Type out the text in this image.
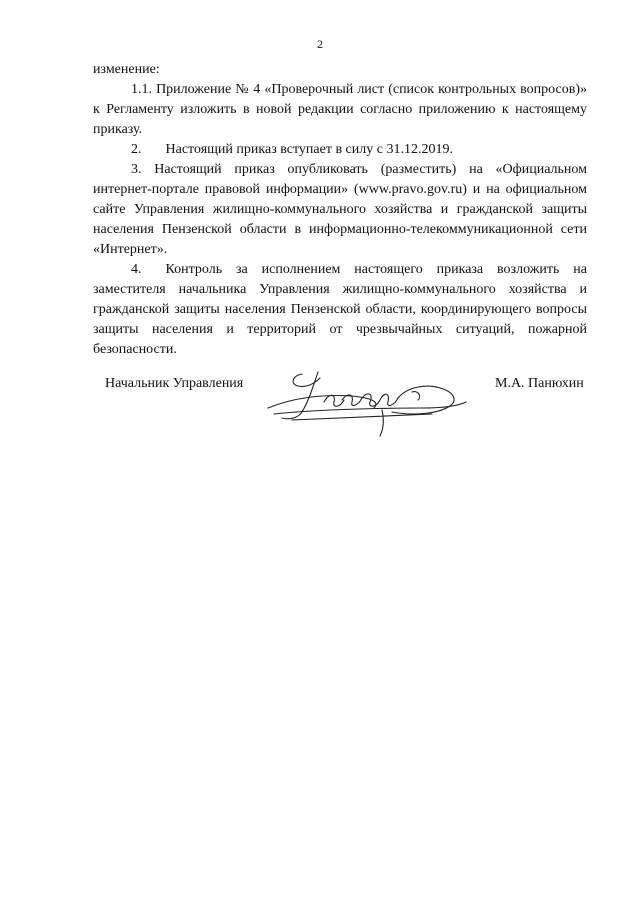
2

изменение:

1.1. Приложение № 4 «Проверочный лист (список контрольных вопросов)» к Регламенту изложить в новой редакции согласно приложению к настоящему приказу.

2. Настоящий приказ вступает в силу с 31.12.2019.

3. Настоящий приказ опубликовать (разместить) на «Официальном интернет-портале правовой информации» (www.pravo.gov.ru) и на официальном сайте Управления жилищно-коммунального хозяйства и гражданской защиты населения Пензенской области в информационно-телекоммуникационной сети «Интернет».

4. Контроль за исполнением настоящего приказа возложить на заместителя начальника Управления жилищно-коммунального хозяйства и гражданской защиты населения Пензенской области, координирующего вопросы защиты населения и территорий от чрезвычайных ситуаций, пожарной безопасности.

Начальник Управления	М.А. Панюхин
